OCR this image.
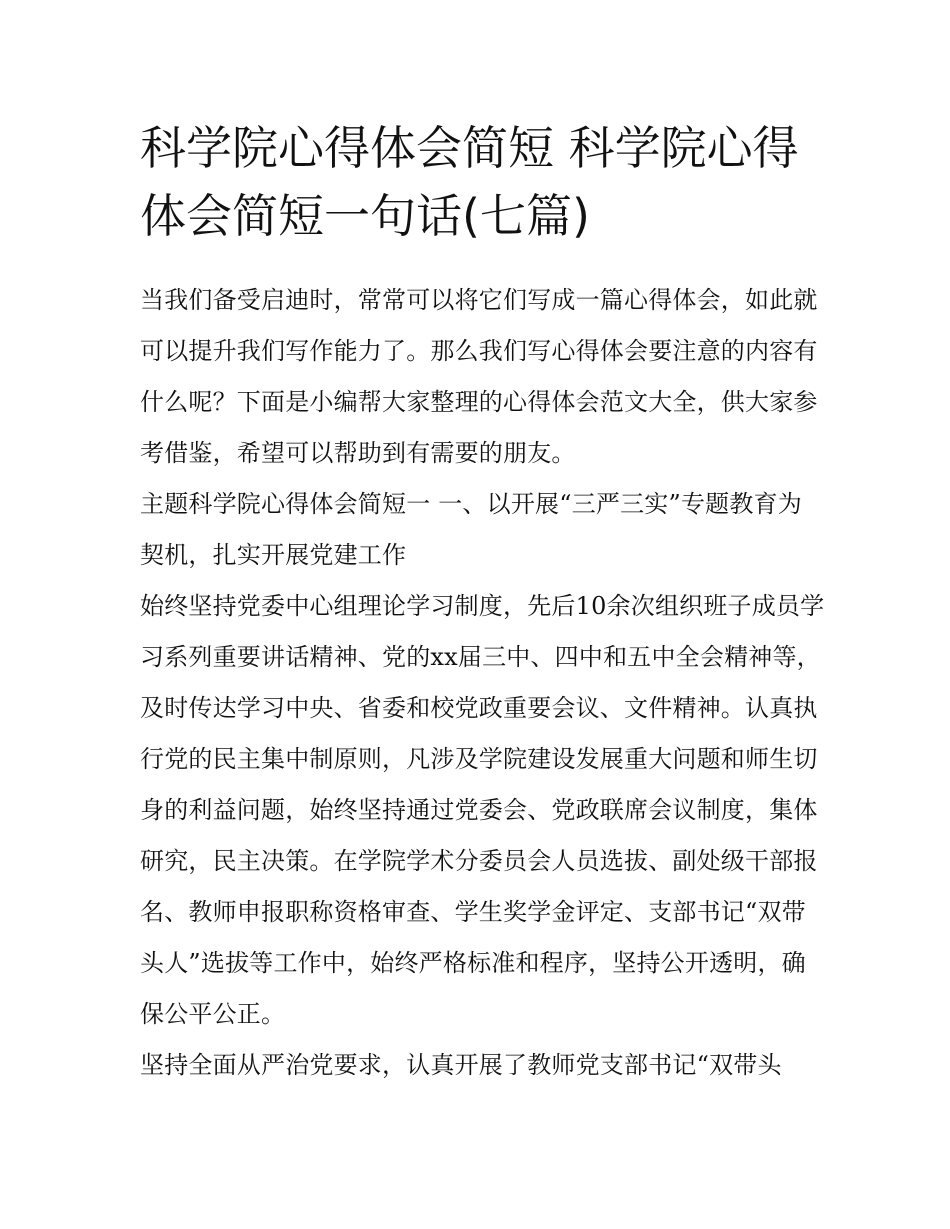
科学院心得体会简短 科学院心得体会简短一句话(七篇)

当我们备受启迪时，常常可以将它们写成一篇心得体会，如此就可以提升我们写作能力了。那么我们写心得体会要注意的内容有什么呢？下面是小编帮大家整理的心得体会范文大全，供大家参考借鉴，希望可以帮助到有需要的朋友。

主题科学院心得体会简短一 一、以开展“三严三实”专题教育为契机，扎实开展党建工作

始终坚持党委中心组理论学习制度，先后10余次组织班子成员学习系列重要讲话精神、党的xx届三中、四中和五中全会精神等，及时传达学习中央、省委和校党政重要会议、文件精神。认真执行党的民主集中制原则，凡涉及学院建设发展重大问题和师生切身的利益问题，始终坚持通过党委会、党政联席会议制度，集体研究，民主决策。在学院学术分委员会人员选拔、副处级干部报名、教师申报职称资格审查、学生奖学金评定、支部书记“双带头人”选拔等工作中，始终严格标准和程序，坚持公开透明，确保公平公正。

坚持全面从严治党要求，认真开展了教师党支部书记“双带头
